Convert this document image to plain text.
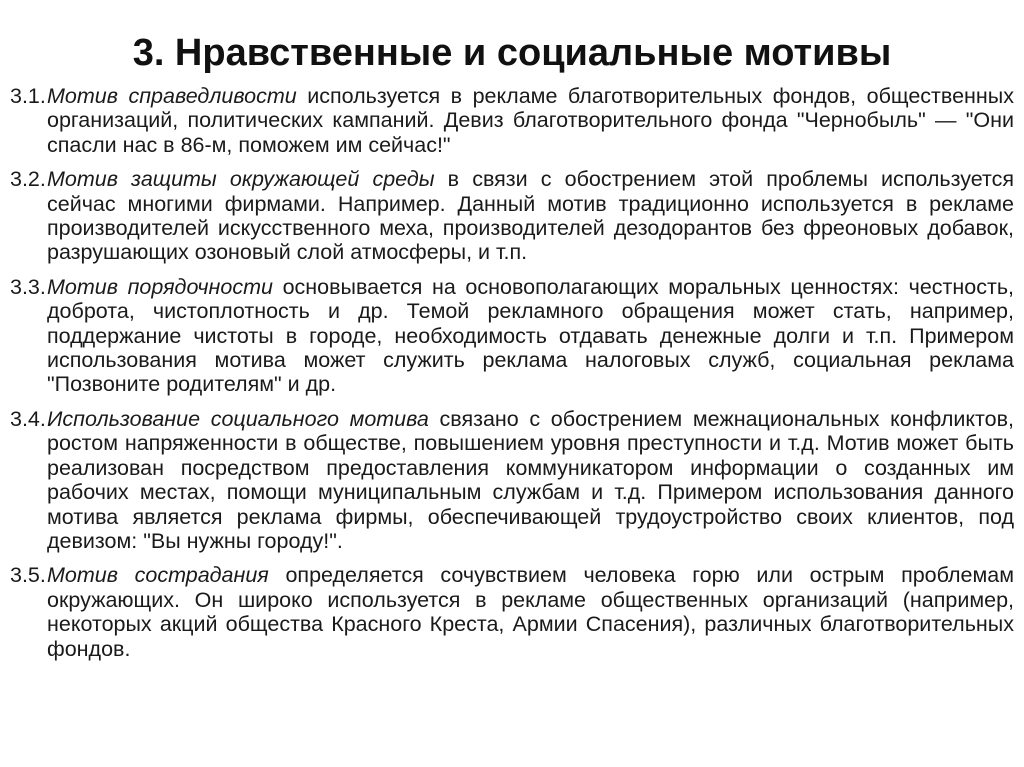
3. Нравственные и социальные мотивы
3.1. Мотив справедливости используется в рекламе благотворительных фондов, общественных организаций, политических кампаний. Девиз благотворительного фонда "Чернобыль" — "Они спасли нас в 86-м, поможем им сейчас!"
3.2. Мотив защиты окружающей среды в связи с обострением этой проблемы используется сейчас многими фирмами. Например. Данный мотив традиционно используется в рекламе производителей искусственного меха, производителей дезодорантов без фреоновых добавок, разрушающих озоновый слой атмосферы, и т.п.
3.3. Мотив порядочности основывается на основополагающих моральных ценностях: честность, доброта, чистоплотность и др. Темой рекламного обращения может стать, например, поддержание чистоты в городе, необходимость отдавать денежные долги и т.п. Примером использования мотива может служить реклама налоговых служб, социальная реклама "Позвоните родителям" и др.
3.4. Использование социального мотива связано с обострением межнациональных конфликтов, ростом напряженности в обществе, повышением уровня преступности и т.д. Мотив может быть реализован посредством предоставления коммуникатором информации о созданных им рабочих местах, помощи муниципальным службам и т.д. Примером использования данного мотива является реклама фирмы, обеспечивающей трудоустройство своих клиентов, под девизом: "Вы нужны городу!".
3.5. Мотив сострадания определяется сочувствием человека горю или острым проблемам окружающих. Он широко используется в рекламе общественных организаций (например, некоторых акций общества Красного Креста, Армии Спасения), различных благотворительных фондов.
